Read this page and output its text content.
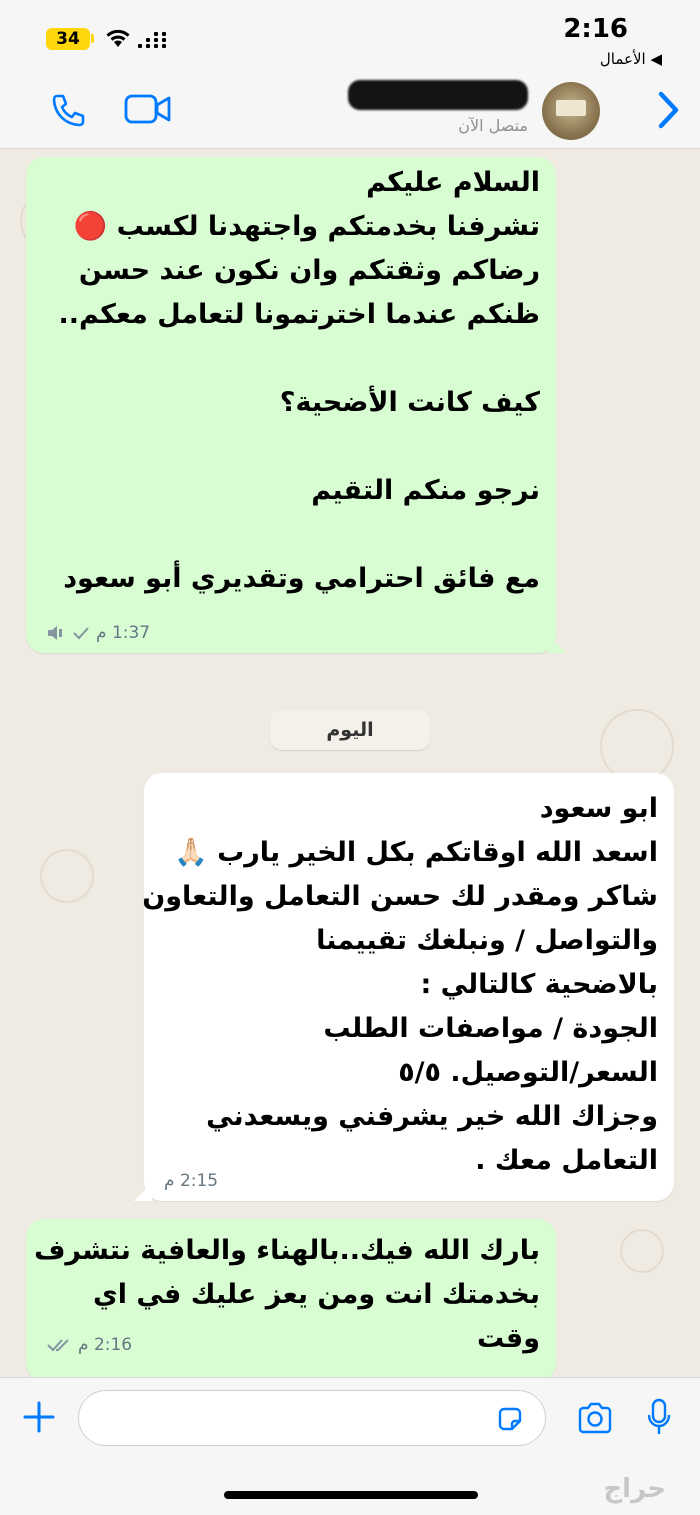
34	2:16
◀ الأعمال
متصل الآن
السلام عليكم
تشرفنا بخدمتكم واجتهدنا لكسب 🔴
رضاكم وثقتكم وان نكون عند حسن
ظنكم عندما اخترتمونا لتعامل معكم..
كيف كانت الأضحية؟
نرجو منكم التقيم
مع فائق احترامي وتقديري أبو سعود
1:37 م
اليوم
ابو سعود
اسعد الله اوقاتكم بكل الخير يارب 🙏🏻
شاكر ومقدر لك حسن التعامل والتعاون
والتواصل / ونبلغك تقييمنا
بالاضحية كالتالي :
الجودة / مواصفات الطلب
السعر/التوصيل. ٥/٥
وجزاك الله خير يشرفني ويسعدني
التعامل معك .
2:15 م
بارك الله فيك..بالهناء والعافية نتشرف
بخدمتك انت ومن يعز عليك في اي
وقت
2:16 م
حراج
